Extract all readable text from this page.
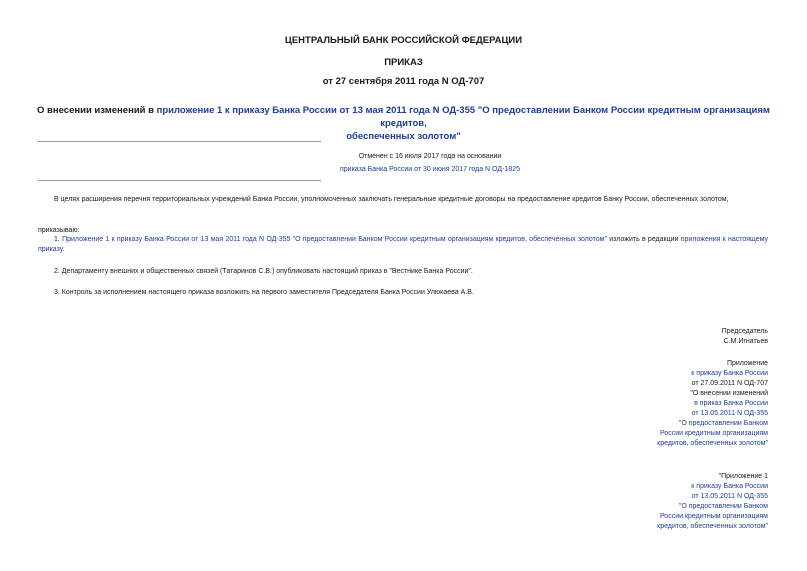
ЦЕНТРАЛЬНЫЙ БАНК РОССИЙСКОЙ ФЕДЕРАЦИИ
ПРИКАЗ
от 27 сентября 2011 года N ОД-707
О внесении изменений в приложение 1 к приказу Банка России от 13 мая 2011 года N ОД-355 "О предоставлении Банком России кредитным организациям кредитов,
обеспеченных золотом"
Отменен с 16 июля 2017 года на основании
приказа Банка России от 30 июня 2017 года N ОД-1825
В целях расширения перечня территориальных учреждений Банка России, уполномоченных заключать генеральные кредитные договоры на предоставление кредитов Банку России, обеспеченных золотом,
приказываю:
1. Приложение 1 к приказу Банка России от 13 мая 2011 года N ОД-355 "О предоставлении Банком России кредитным организациям кредитов, обеспеченных золотом" изложить в редакции приложения к настоящему приказу.
2. Департаменту внешних и общественных связей (Татаринов С.В.) опубликовать настоящий приказ в "Вестнике Банка России".
3. Контроль за исполнением настоящего приказа возложить на первого заместителя Председателя Банка России Улюкаева А.В.
Председатель
С.М.Игнатьев
Приложение
к приказу Банка России
от 27.09.2011 N ОД-707
"О внесении изменений
в приказ Банка России
от 13.05.2011 N ОД-355
"О предоставлении Банком
России кредитным организациям
кредитов, обеспеченных золотом"
"Приложение 1
к приказу Банка России
от 13.05.2011 N ОД-355
"О предоставлении Банком
России кредитным организациям
кредитов, обеспеченных золотом"
